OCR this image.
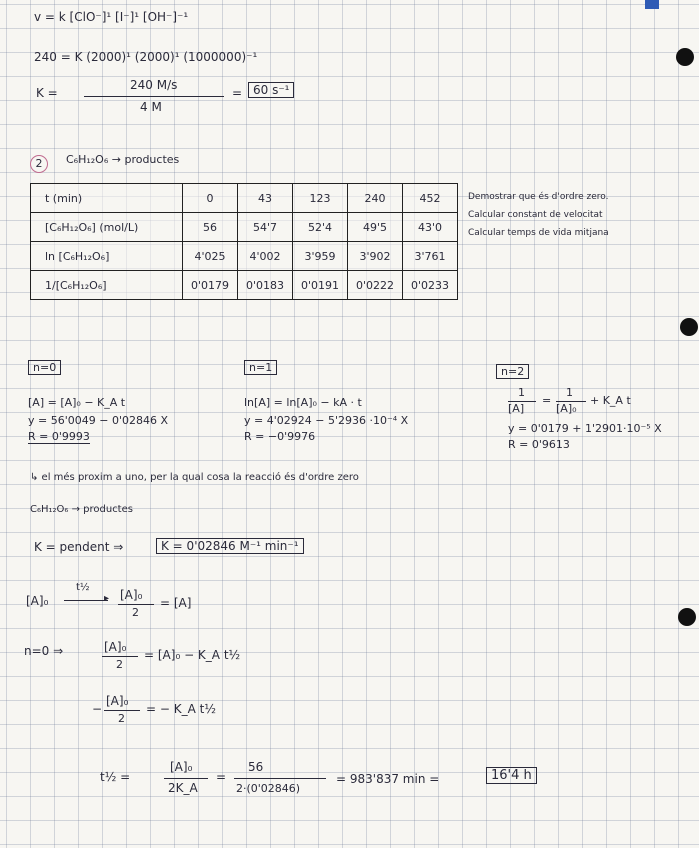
v = k [ClO⁻]¹ [I⁻]¹ [OH⁻]⁻¹
240 = K (2000)¹ (2000)¹ (1000000)⁻¹
K =
240 M/s
4 M
= 60 s⁻¹
2	C₆H₁₂O₆ → productes
t (min)	0	43	123	240	452
[C₆H₁₂O₆] (mol/L)	56	54'7	52'4	49'5	43'0
ln [C₆H₁₂O₆]	4'025	4'002	3'959	3'902	3'761
1/[C₆H₁₂O₆]	0'0179	0'0183	0'0191	0'0222	0'0233
Demostrar que és d'ordre zero.
Calcular constant de velocitat
Calcular temps de vida mitjana
n=0	n=1	n=2
[A] = [A]₀ − K_A t
y = 56'0049 − 0'02846 X
R = 0'9993
ln[A] = ln[A]₀ − kA · t
y = 4'02924 − 5'2936 ·10⁻⁴ X
R = −0'9976
1
[A]
=
1
[A]₀
+ K_A t
y = 0'0179 + 1'2901·10⁻⁵ X
R = 0'9613
↳ el més proxim a uno, per la qual cosa la reacció és d'ordre zero
C₆H₁₂O₆ → productes
K = pendent ⇒	K = 0'02846 M⁻¹ min⁻¹
[A]₀
t½
▸ [A]₀
2
= [A]
n=0 ⇒	[A]₀
2
= [A]₀ − K_A t½
−
[A]₀
2
= − K_A t½
t½ =
[A]₀
2K_A
=
56
2·(0'02846)
= 983'837 min =	16'4 h
